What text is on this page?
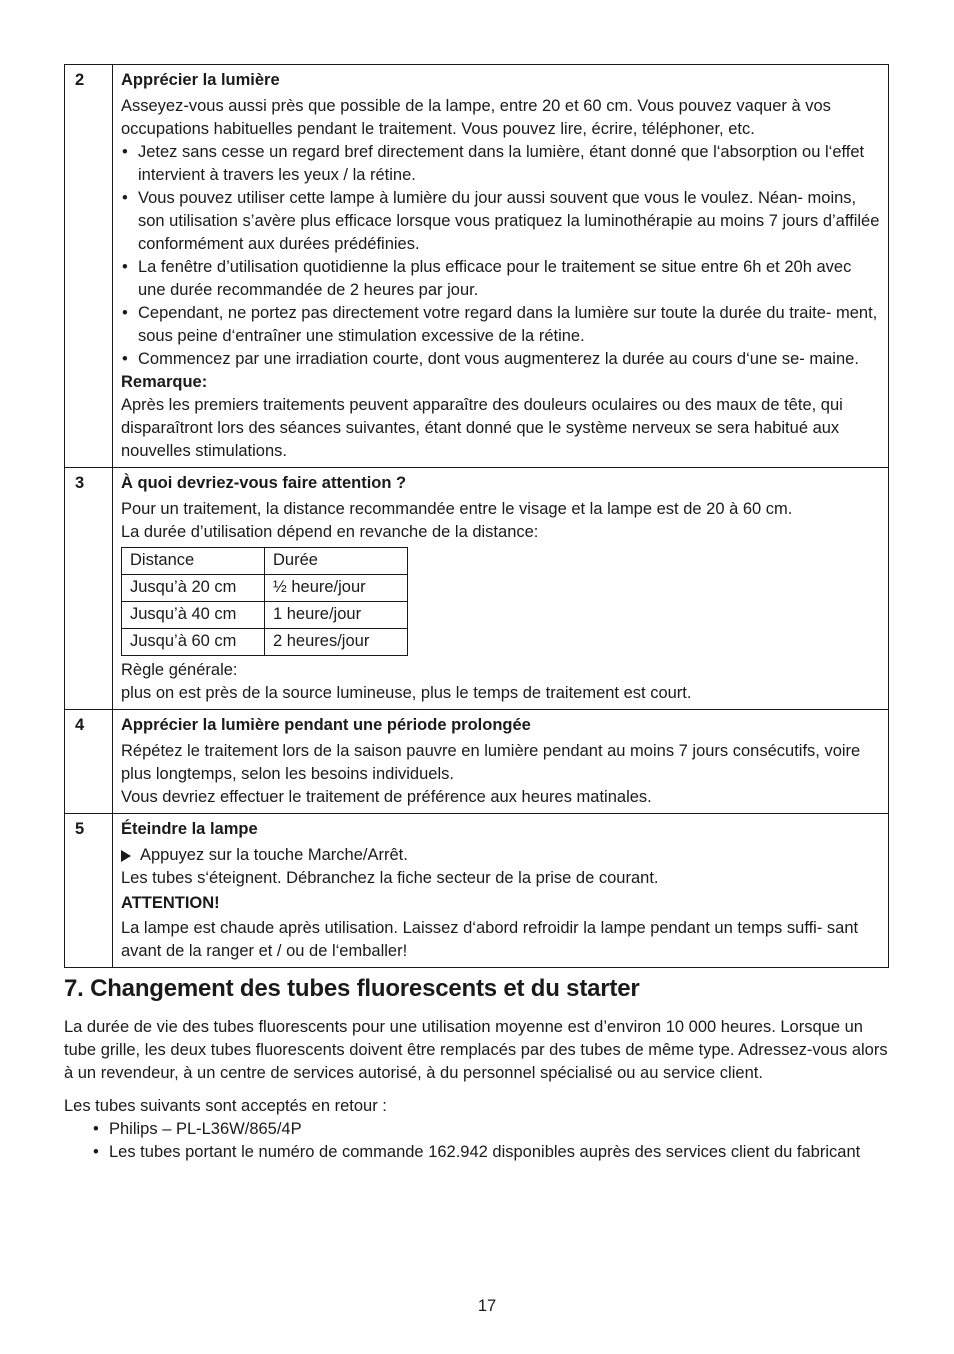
2	Apprécier la lumière

Asseyez-vous aussi près que possible de la lampe, entre 20 et 60 cm. Vous pouvez vaquer à vos occupations habituelles pendant le traitement. Vous pouvez lire, écrire, téléphoner, etc.

• Jetez sans cesse un regard bref directement dans la lumière, étant donné que l‘absorption ou l‘effet intervient à travers les yeux / la rétine.
• Vous pouvez utiliser cette lampe à lumière du jour aussi souvent que vous le voulez. Néan- moins, son utilisation s’avère plus efficace lorsque vous pratiquez la luminothérapie au moins 7 jours d’affilée conformément aux durées prédéfinies.
• La fenêtre d’utilisation quotidienne la plus efficace pour le traitement se situe entre 6h et 20h avec une durée recommandée de 2 heures par jour.
• Cependant, ne portez pas directement votre regard dans la lumière sur toute la durée du traite- ment, sous peine d‘entraîner une stimulation excessive de la rétine.
• Commencez par une irradiation courte, dont vous augmenterez la durée au cours d‘une se- maine.

Remarque:

Après les premiers traitements peuvent apparaître des douleurs oculaires ou des maux de tête, qui disparaîtront lors des séances suivantes, étant donné que le système nerveux se sera habitué aux nouvelles stimulations.

3	À quoi devriez-vous faire attention ?

Pour un traitement, la distance recommandée entre le visage et la lampe est de 20 à 60 cm.

La durée d’utilisation dépend en revanche de la distance:

Distance	Durée
Jusqu’à 20 cm	½ heure/jour
Jusqu’à 40 cm	1 heure/jour
Jusqu’à 60 cm	2 heures/jour

Règle générale:

plus on est près de la source lumineuse, plus le temps de traitement est court.

4	Apprécier la lumière pendant une période prolongée

Répétez le traitement lors de la saison pauvre en lumière pendant au moins 7 jours consécutifs, voire plus longtemps, selon les besoins individuels.

Vous devriez effectuer le traitement de préférence aux heures matinales.

5	Éteindre la lampe

Appuyez sur la touche Marche/Arrêt.

Les tubes s‘éteignent. Débranchez la fiche secteur de la prise de courant.

ATTENTION!

La lampe est chaude après utilisation. Laissez d‘abord refroidir la lampe pendant un temps suffi- sant avant de la ranger et / ou de l‘emballer!

7. Changement des tubes fluorescents et du starter

La durée de vie des tubes fluorescents pour une utilisation moyenne est d’environ 10 000 heures. Lorsque un tube grille, les deux tubes fluorescents doivent être remplacés par des tubes de même type. Adressez-vous alors à un revendeur, à un centre de services autorisé, à du personnel spécialisé ou au service client.

Les tubes suivants sont acceptés en retour :

• Philips – PL-L36W/865/4P
• Les tubes portant le numéro de commande 162.942 disponibles auprès des services client du fabricant
17
